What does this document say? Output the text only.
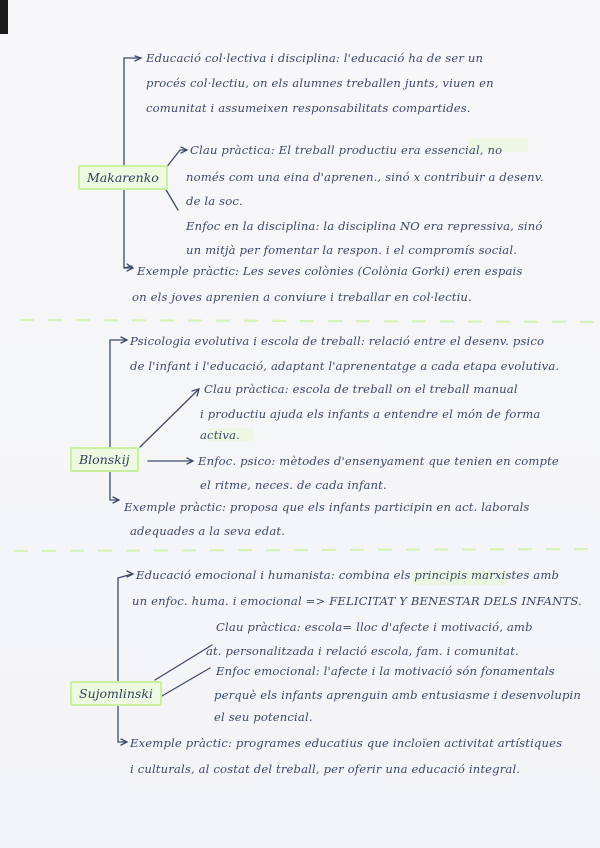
Makarenko
Educació col·lectiva i disciplina: l'educació ha de ser un
procés col·lectiu, on els alumnes treballen junts, viuen en
comunitat i assumeixen responsabilitats compartides.
Clau pràctica: El treball productiu era essencial, no
només com una eina d'aprenen., sinó x contribuir a desenv.
de la soc.
Enfoc en la disciplina: la disciplina NO era repressiva, sinó
un mitjà per fomentar la respon. i el compromís social.
Exemple pràctic: Les seves colònies (Colònia Gorki) eren espais
on els joves aprenien a conviure i treballar en col·lectiu.
Blonskij
Psicologia evolutiva i escola de treball: relació entre el desenv. psico
de l'infant i l'educació, adaptant l'aprenentatge a cada etapa evolutiva.
Clau pràctica: escola de treball on el treball manual
i productiu ajuda els infants a entendre el món de forma
activa.
Enfoc. psico: mètodes d'ensenyament que tenien en compte
el ritme, neces. de cada infant.
Exemple pràctic: proposa que els infants participin en act. laborals
adequades a la seva edat.
Sujomlinski
Educació emocional i humanista: combina els principis marxistes amb
un enfoc. huma. i emocional => FELICITAT Y BENESTAR DELS INFANTS.
Clau pràctica: escola= lloc d'afecte i motivació, amb
at. personalitzada i relació escola, fam. i comunitat.
Enfoc emocional: l'afecte i la motivació són fonamentals
perquè els infants aprenguin amb entusiasme i desenvolupin
el seu potencial.
Exemple pràctic: programes educatius que incloïen activitat artístiques
i culturals, al costat del treball, per oferir una educació integral.
